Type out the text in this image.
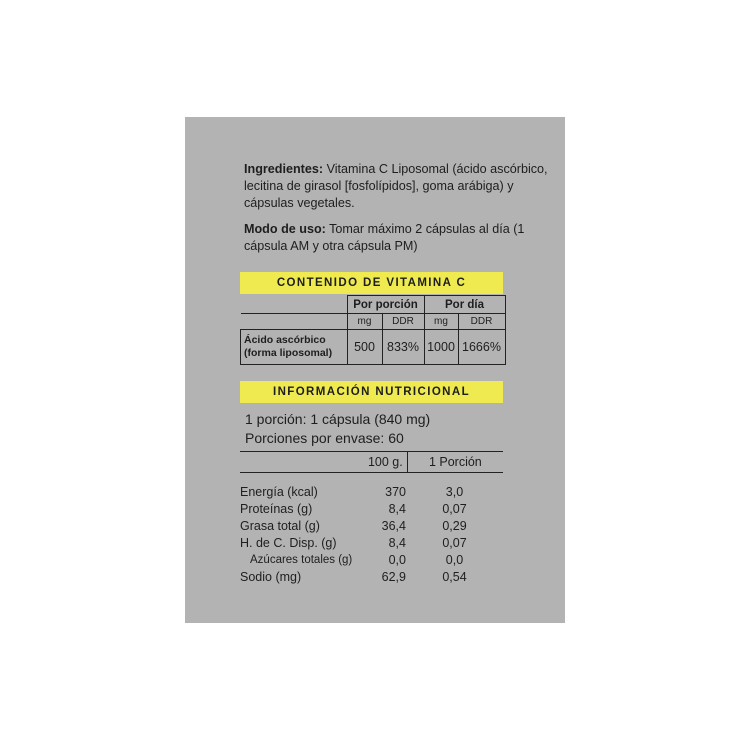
Ingredientes: Vitamina C Liposomal (ácido ascórbico, lecitina de girasol [fosfolípidos], goma arábiga) y cápsulas vegetales.
Modo de uso: Tomar máximo 2 cápsulas al día (1 cápsula AM y otra cápsula PM)
CONTENIDO DE VITAMINA C
	Por porción		Por día	
	mg	DDR	mg	DDR
Ácido ascórbico
(forma liposomal)	500	833%	1000	1666%
INFORMACIÓN NUTRICIONAL
1 porción: 1 cápsula (840 mg)
Porciones por envase: 60
100 g.	1 Porción
Energía (kcal)	370	3,0
Proteínas (g)	8,4	0,07
Grasa total (g)	36,4	0,29
H. de C. Disp. (g)	8,4	0,07
Azúcares totales (g)	0,0	0,0
Sodio (mg)	62,9	0,54
